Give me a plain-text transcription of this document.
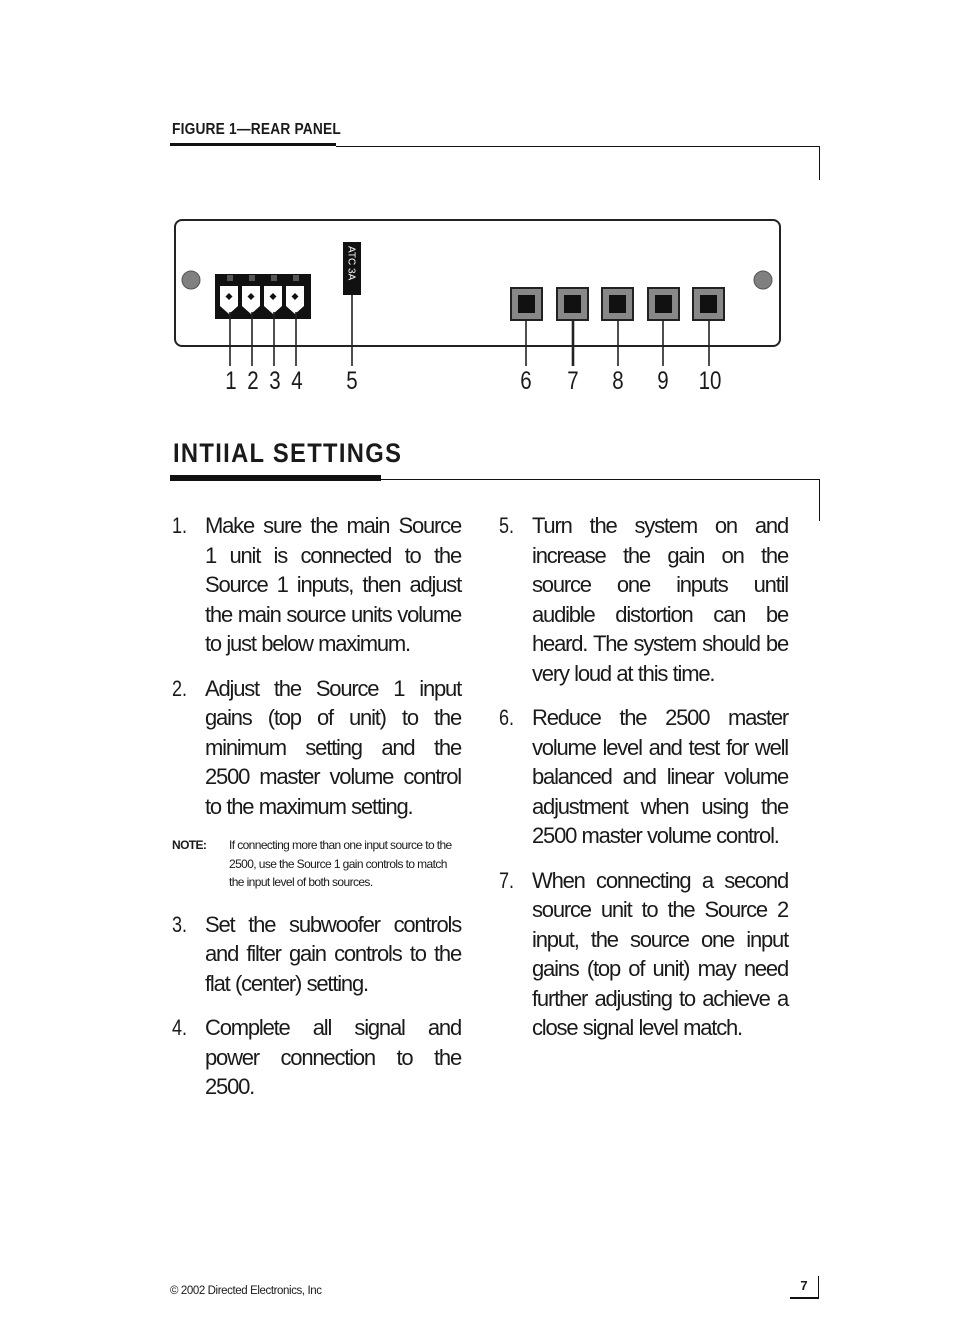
FIGURE 1—REAR PANEL
ATC 3A
1 2 3 4	5	6	7	8	9	10
INTIIAL SETTINGS
1. Make sure the main Source 1 unit is connected to the Source 1 inputs, then adjust the main source units volume to just below maximum.
2. Adjust the Source 1 input gains (top of unit) to the minimum setting and the 2500 master volume control to the maximum setting.
NOTE:	If connecting more than one input source to the 2500, use the Source 1 gain controls to match the input level of both sources.
3. Set the subwoofer controls and filter gain controls to the flat (center) setting.
4. Complete all signal and power connection to the 2500.
5. Turn the system on and increase the gain on the source one inputs until audible distortion can be heard. The system should be very loud at this time.
6. Reduce the 2500 master volume level and test for well balanced and linear volume adjustment when using the 2500 master volume control.
7. When connecting a second source unit to the Source 2 input, the source one input gains (top of unit) may need further adjusting to achieve a close signal level match.
© 2002 Directed Electronics, Inc	7
